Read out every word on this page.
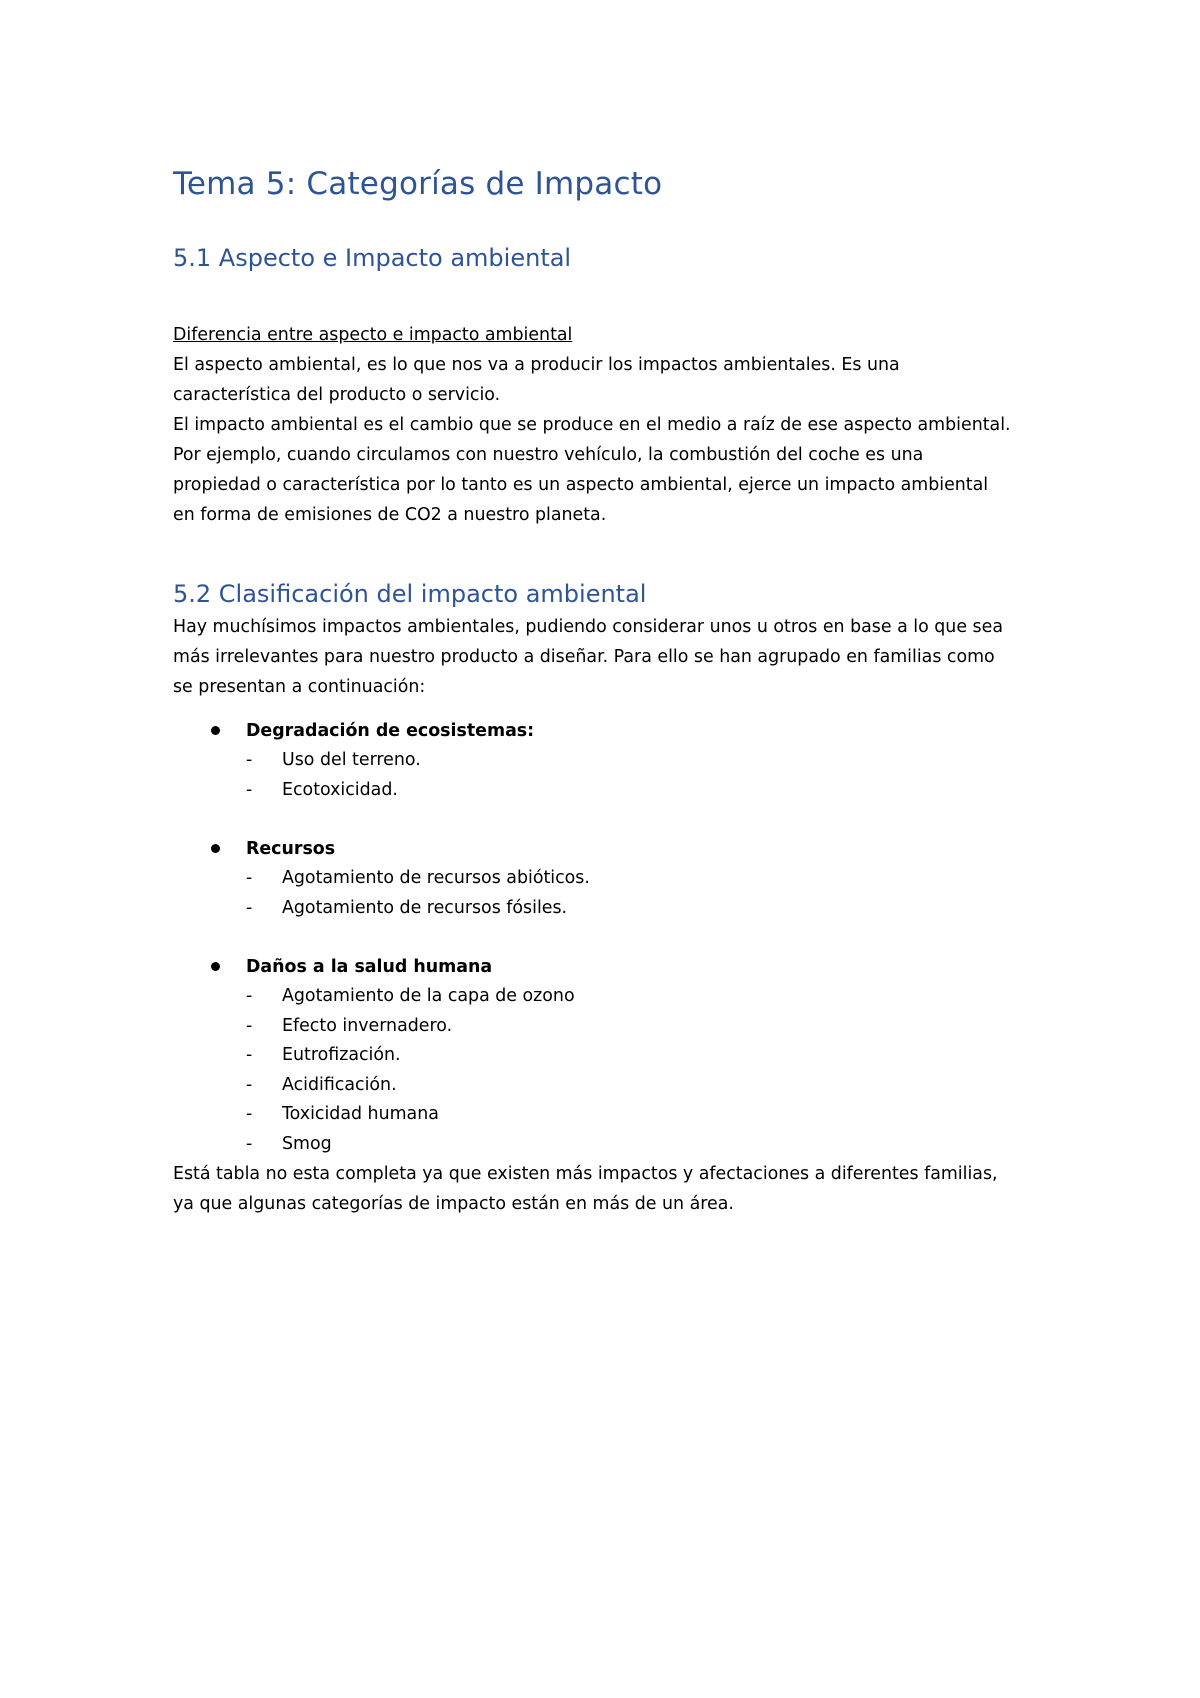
Tema 5: Categorías de Impacto
5.1 Aspecto e Impacto ambiental
Diferencia entre aspecto e impacto ambiental

El aspecto ambiental, es lo que nos va a producir los impactos ambientales. Es una
característica del producto o servicio.

El impacto ambiental es el cambio que se produce en el medio a raíz de ese aspecto ambiental.

Por ejemplo, cuando circulamos con nuestro vehículo, la combustión del coche es una
propiedad o característica por lo tanto es un aspecto ambiental, ejerce un impacto ambiental
en forma de emisiones de CO2 a nuestro planeta.

5.2 Clasificación del impacto ambiental

Hay muchísimos impactos ambientales, pudiendo considerar unos u otros en base a lo que sea
más irrelevantes para nuestro producto a diseñar. Para ello se han agrupado en familias como
se presentan a continuación:

Degradación de ecosistemas:
-	Uso del terreno.
-	Ecotoxicidad.
Recursos
-	Agotamiento de recursos abióticos.
-	Agotamiento de recursos fósiles.
Daños a la salud humana
-	Agotamiento de la capa de ozono
-	Efecto invernadero.
-	Eutrofización.
-	Acidificación.
-	Toxicidad humana
-	Smog

Está tabla no esta completa ya que existen más impactos y afectaciones a diferentes familias,
ya que algunas categorías de impacto están en más de un área.
